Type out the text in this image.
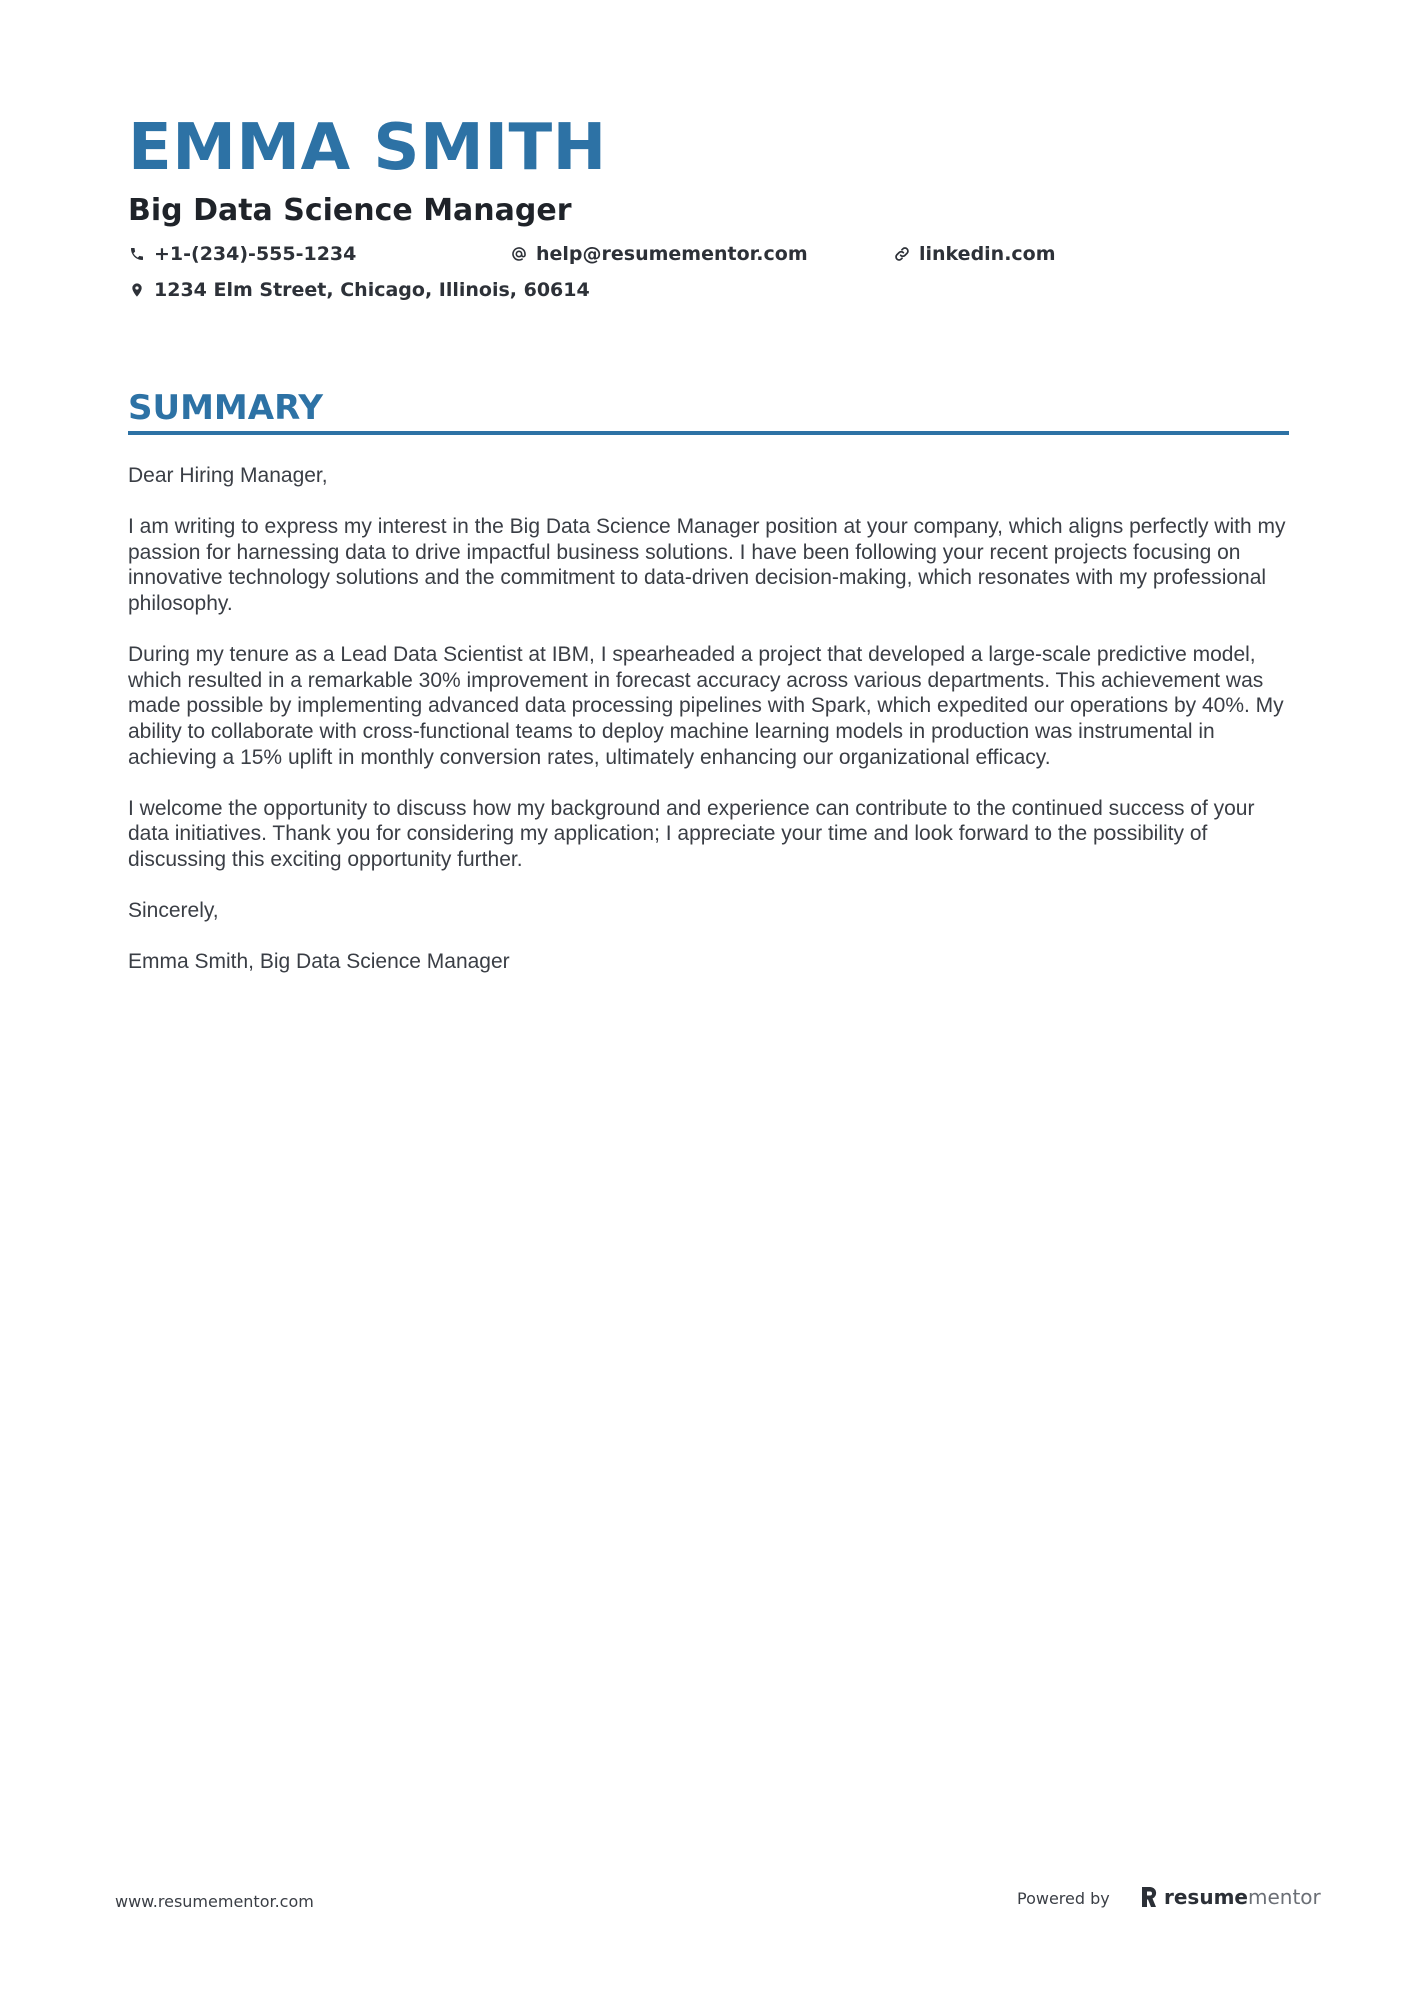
EMMA SMITH
Big Data Science Manager
+1-(234)-555-1234	help@resumementor.com	linkedin.com
1234 Elm Street, Chicago, Illinois, 60614
SUMMARY

Dear Hiring Manager,

I am writing to express my interest in the Big Data Science Manager position at your company, which aligns perfectly with my passion for harnessing data to drive impactful business solutions. I have been following your recent projects focusing on innovative technology solutions and the commitment to data-driven decision-making, which resonates with my professional philosophy.

During my tenure as a Lead Data Scientist at IBM, I spearheaded a project that developed a large-scale predictive model, which resulted in a remarkable 30% improvement in forecast accuracy across various departments. This achievement was made possible by implementing advanced data processing pipelines with Spark, which expedited our operations by 40%. My ability to collaborate with cross-functional teams to deploy machine learning models in production was instrumental in achieving a 15% uplift in monthly conversion rates, ultimately enhancing our organizational efficacy.

I welcome the opportunity to discuss how my background and experience can contribute to the continued success of your data initiatives. Thank you for considering my application; I appreciate your time and look forward to the possibility of discussing this exciting opportunity further.

Sincerely,

Emma Smith, Big Data Science Manager

www.resumementor.com	Powered by	resume mentor
